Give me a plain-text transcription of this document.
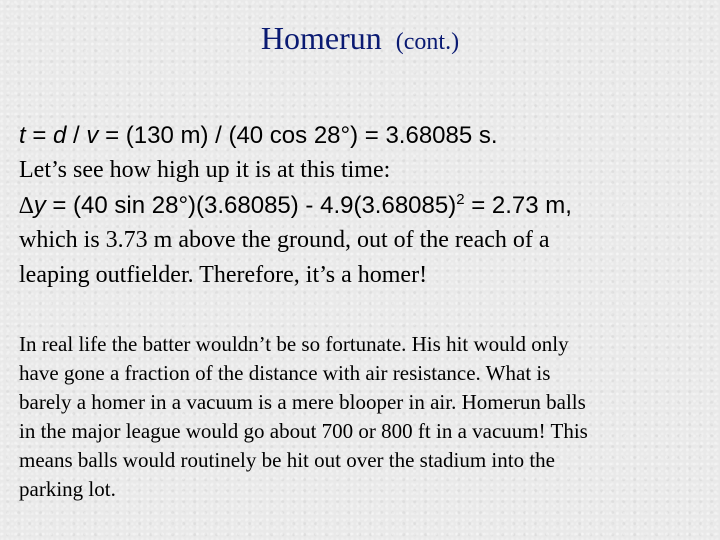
Homerun (cont.)
t = d / v = (130 m) / (40 cos 28°) = 3.68085 s.
Let’s see how high up it is at this time:
∆y = (40 $\sin 28^\circ)(3.68085) - 4.9(3.68085)^2 = 2.73$ m,
which is 3.73 m above the ground, out of the reach of a
leaping outfielder. Therefore, it’s a homer!
In real life the batter wouldn’t be so fortunate. His hit would only
have gone a fraction of the distance with air resistance. What is
barely a homer in a vacuum is a mere blooper in air. Homerun balls
in the major league would go about 700 or 800 ft in a vacuum! This
means balls would routinely be hit out over the stadium into the
parking lot.
